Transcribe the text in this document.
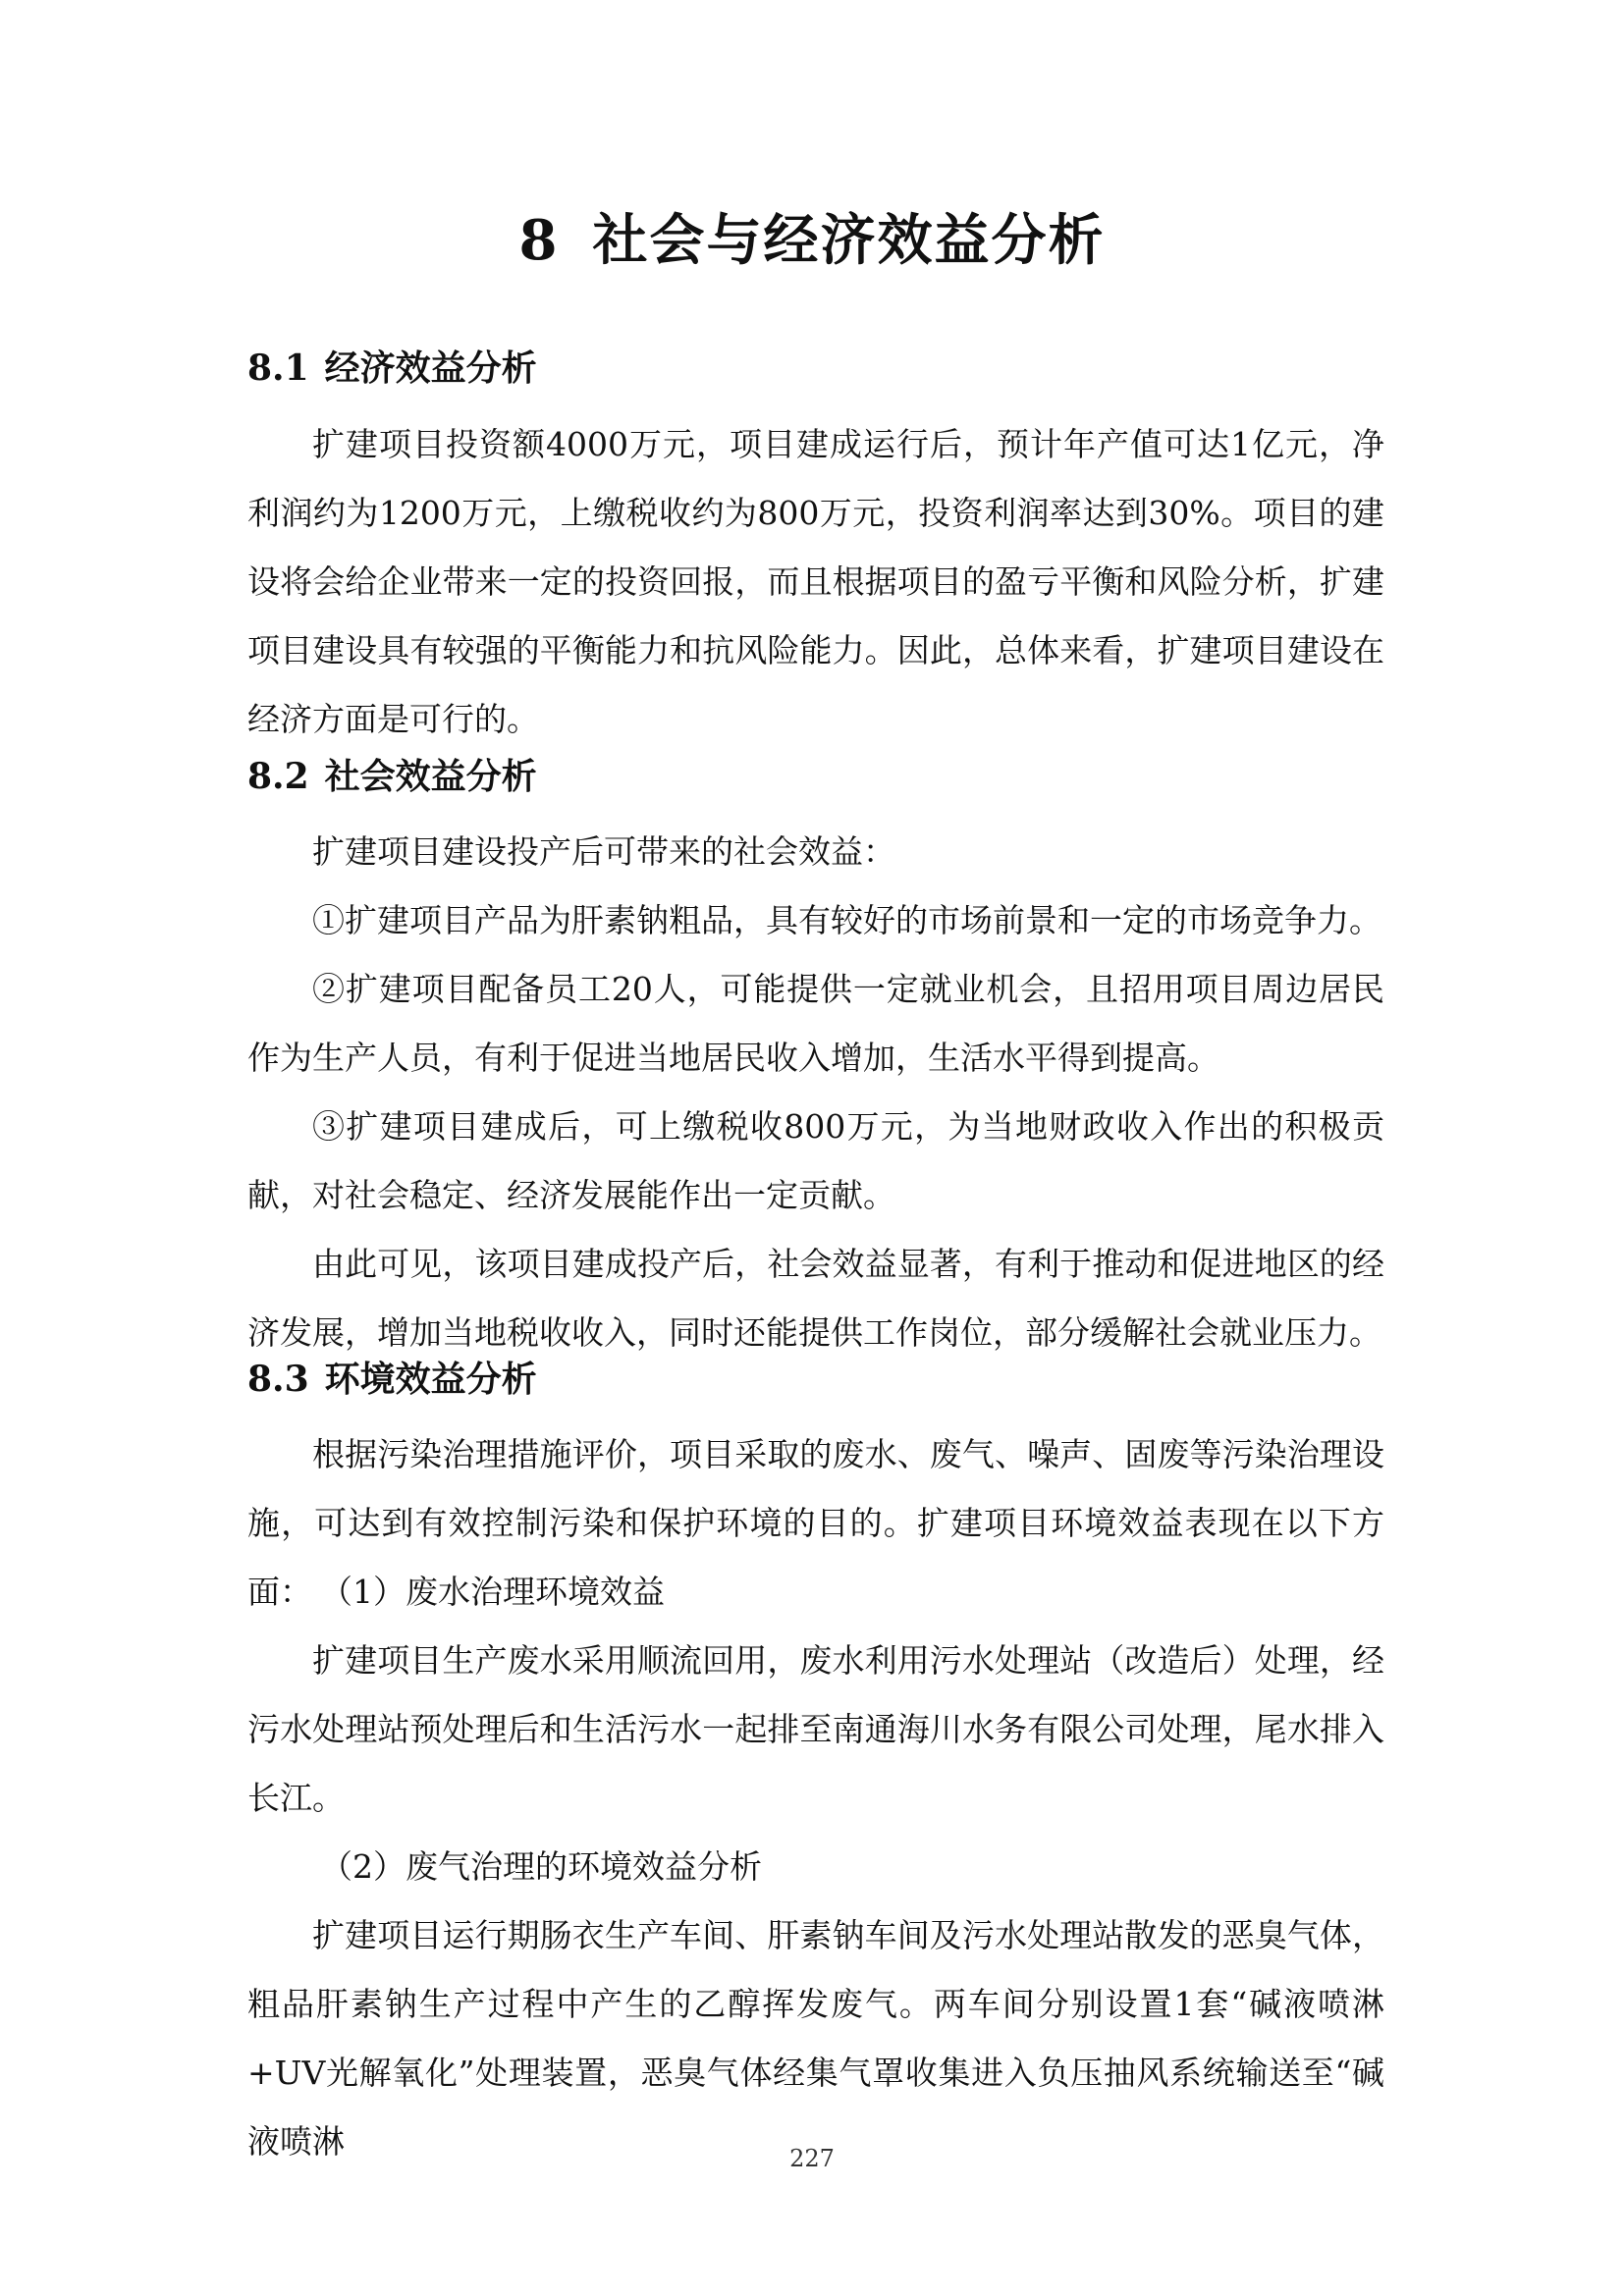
8 社会与经济效益分析
8.1 经济效益分析

扩建项目投资额4000万元，项目建成运行后，预计年产值可达1亿元，净利润约为1200万元，上缴税收约为800万元，投资利润率达到30%。项目的建设将会给企业带来一定的投资回报，而且根据项目的盈亏平衡和风险分析，扩建项目建设具有较强的平衡能力和抗风险能力。因此，总体来看，扩建项目建设在经济方面是可行的。

8.2 社会效益分析

扩建项目建设投产后可带来的社会效益：

①扩建项目产品为肝素钠粗品，具有较好的市场前景和一定的市场竞争力。

②扩建项目配备员工20人，可能提供一定就业机会，且招用项目周边居民作为生产人员，有利于促进当地居民收入增加，生活水平得到提高。

③扩建项目建成后，可上缴税收800万元，为当地财政收入作出的积极贡献，对社会稳定、经济发展能作出一定贡献。

由此可见，该项目建成投产后，社会效益显著，有利于推动和促进地区的经济发展，增加当地税收收入，同时还能提供工作岗位，部分缓解社会就业压力。

8.3 环境效益分析

根据污染治理措施评价，项目采取的废水、废气、噪声、固废等污染治理设施，可达到有效控制污染和保护环境的目的。扩建项目环境效益表现在以下方面： （1）废水治理环境效益

扩建项目生产废水采用顺流回用，废水利用污水处理站（改造后）处理，经污水处理站预处理后和生活污水一起排至南通海川水务有限公司处理，尾水排入长江。

（2）废气治理的环境效益分析

扩建项目运行期肠衣生产车间、肝素钠车间及污水处理站散发的恶臭气体，粗品肝素钠生产过程中产生的乙醇挥发废气。两车间分别设置1套“碱液喷淋+UV光解氧化”处理装置，恶臭气体经集气罩收集进入负压抽风系统输送至“碱液喷淋	227
